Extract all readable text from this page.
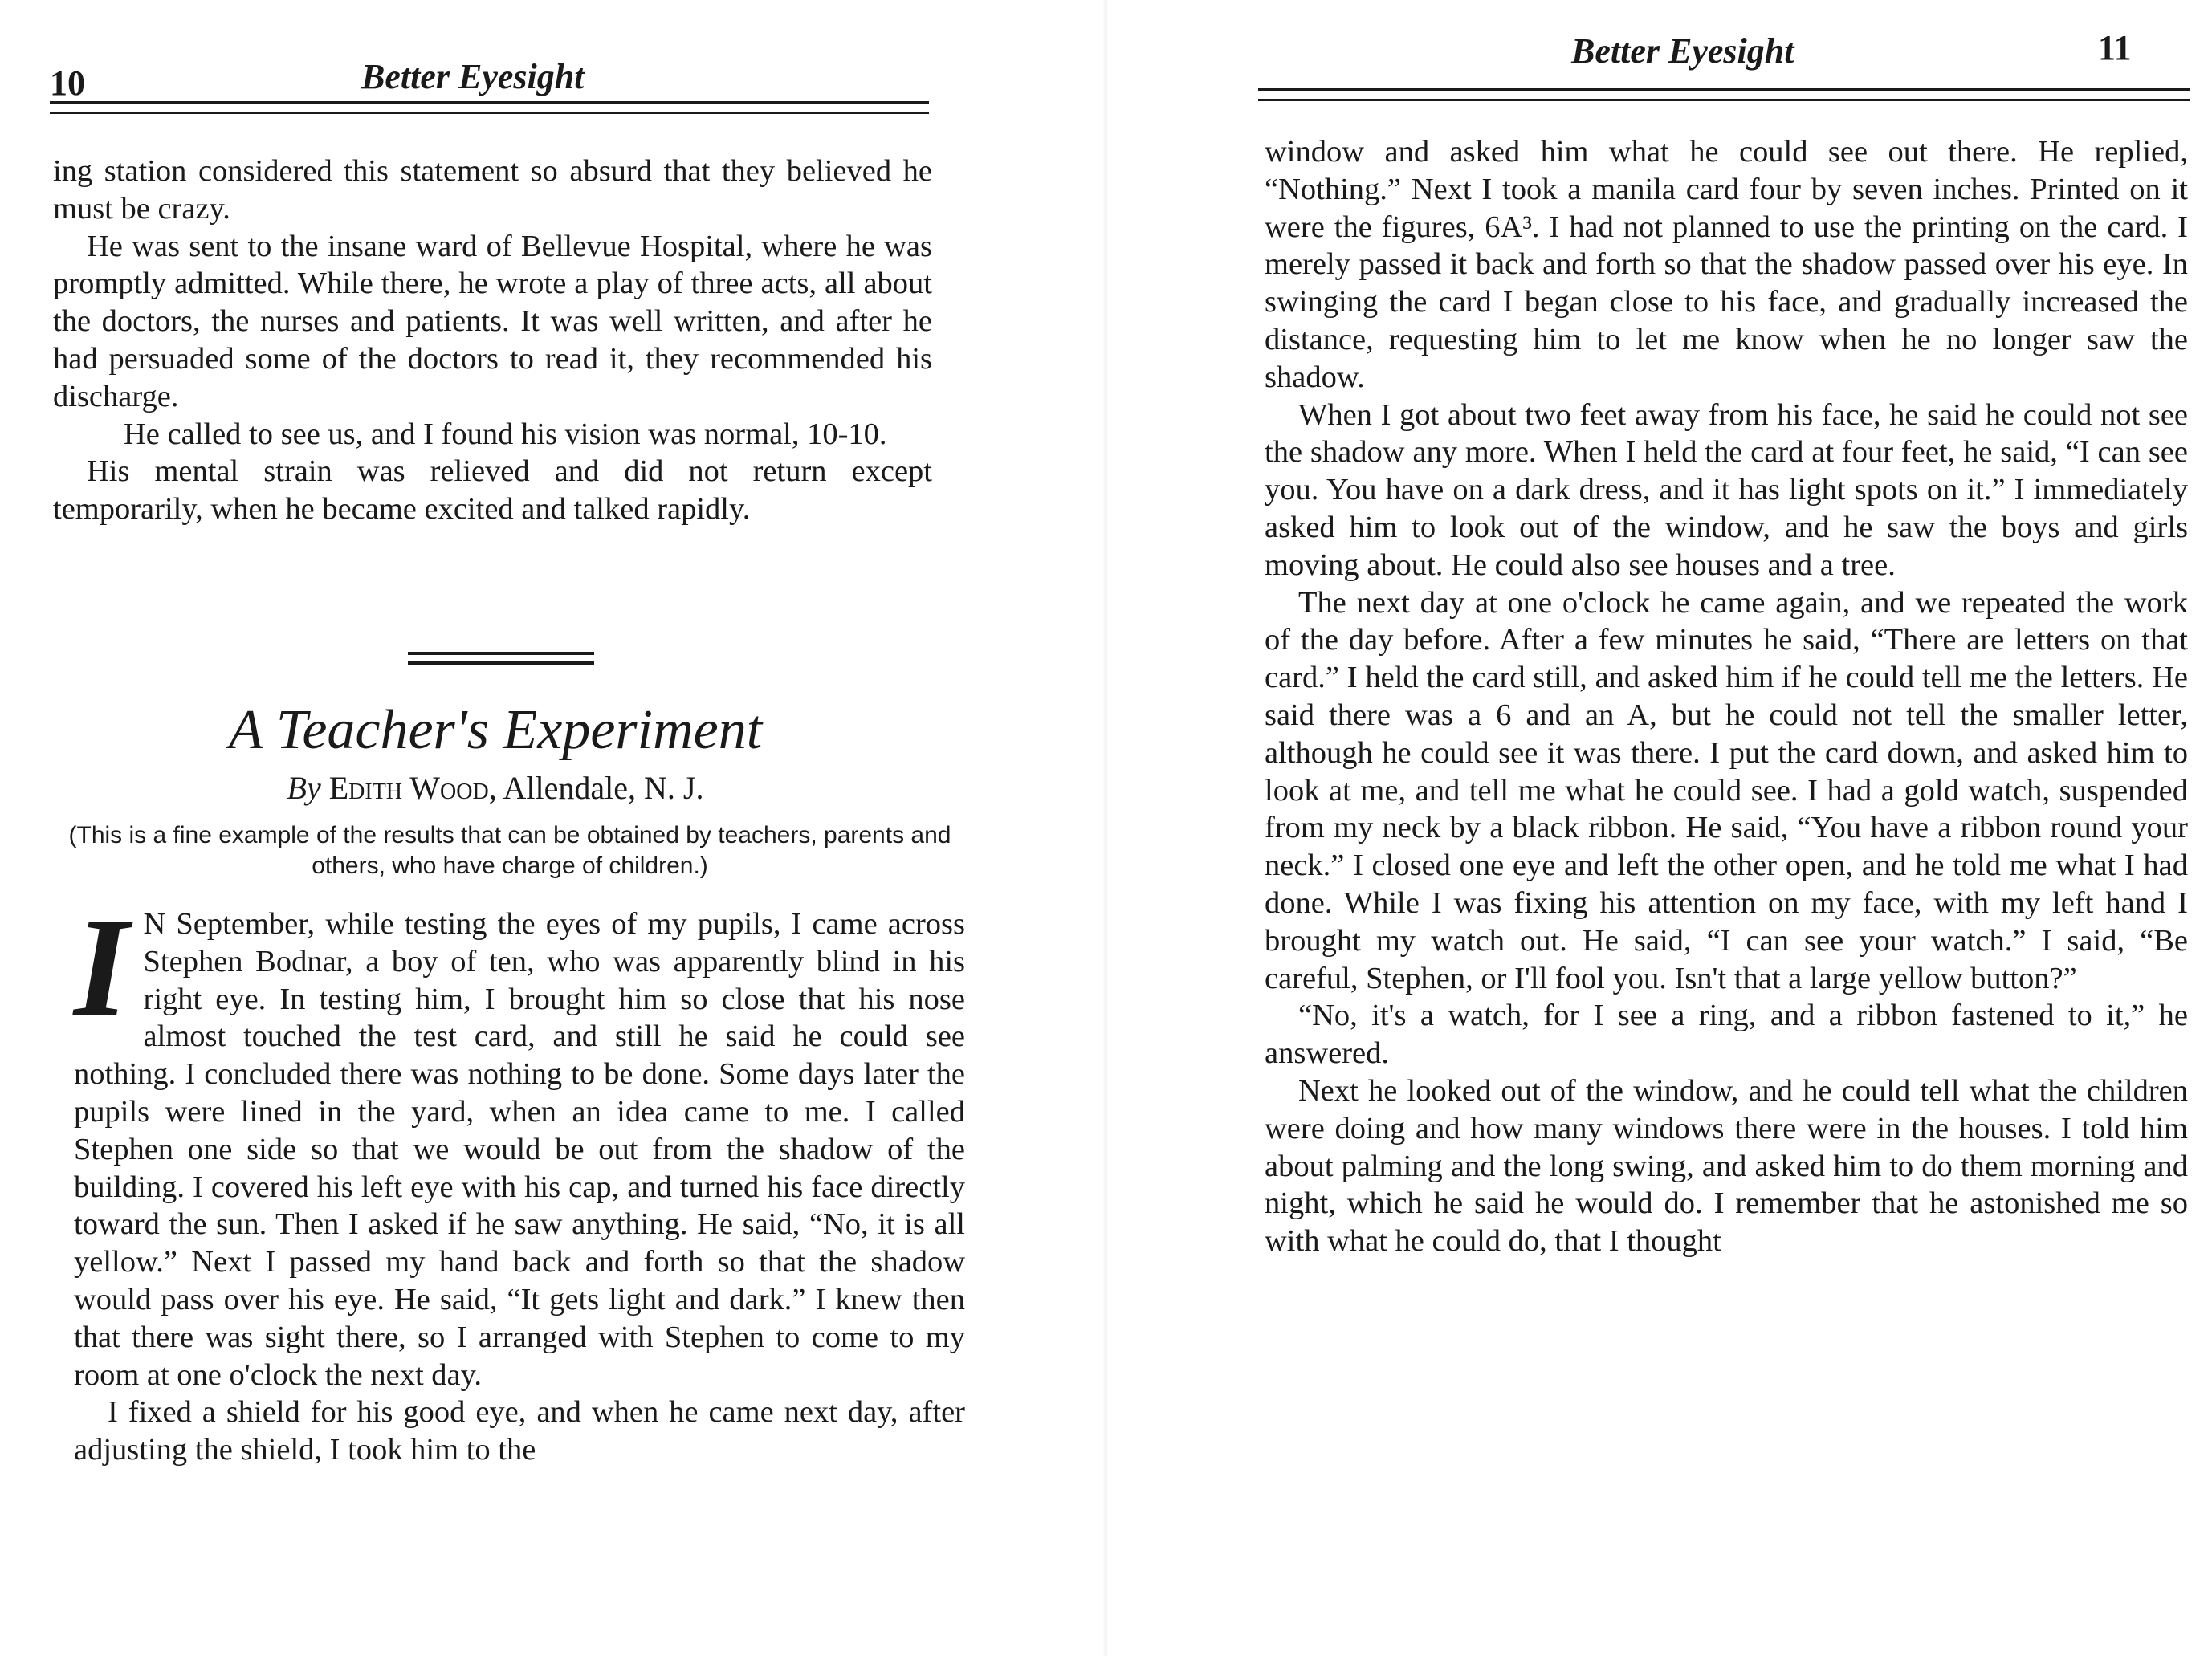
10	Better Eyesight

ing station considered this statement so absurd that they believed he must be crazy.

He was sent to the insane ward of Bellevue Hospital, where he was promptly admitted. While there, he wrote a play of three acts, all about the doctors, the nurses and patients. It was well written, and after he had persuaded some of the doctors to read it, they recommended his discharge.

He called to see us, and I found his vision was normal, 10-10.

His mental strain was relieved and did not return except temporarily, when he became excited and talked rapidly.

A Teacher's Experiment
By Edith Wood, Allendale, N. J.
(This is a fine example of the results that can be obtained by teachers, parents and others, who have charge of children.)

I N September, while testing the eyes of my pupils, I came across Stephen Bodnar, a boy of ten, who was apparently blind in his right eye. In testing him, I brought him so close that his nose almost touched the test card, and still he said he could see nothing. I concluded there was nothing to be done. Some days later the pupils were lined in the yard, when an idea came to me. I called Stephen one side so that we would be out from the shadow of the building. I covered his left eye with his cap, and turned his face directly toward the sun. Then I asked if he saw anything. He said, “No, it is all yellow.” Next I passed my hand back and forth so that the shadow would pass over his eye. He said, “It gets light and dark.” I knew then that there was sight there, so I arranged with Stephen to come to my room at one o'clock the next day.

I fixed a shield for his good eye, and when he came next day, after adjusting the shield, I took him to the

Better Eyesight	11

window and asked him what he could see out there. He replied, “Nothing.” Next I took a manila card four by seven inches. Printed on it were the figures, 6A³. I had not planned to use the printing on the card. I merely passed it back and forth so that the shadow passed over his eye. In swinging the card I began close to his face, and gradually increased the distance, requesting him to let me know when he no longer saw the shadow.

When I got about two feet away from his face, he said he could not see the shadow any more. When I held the card at four feet, he said, “I can see you. You have on a dark dress, and it has light spots on it.” I immediately asked him to look out of the window, and he saw the boys and girls moving about. He could also see houses and a tree.

The next day at one o'clock he came again, and we repeated the work of the day before. After a few minutes he said, “There are letters on that card.” I held the card still, and asked him if he could tell me the letters. He said there was a 6 and an A, but he could not tell the smaller letter, although he could see it was there. I put the card down, and asked him to look at me, and tell me what he could see. I had a gold watch, suspended from my neck by a black ribbon. He said, “You have a ribbon round your neck.” I closed one eye and left the other open, and he told me what I had done. While I was fixing his attention on my face, with my left hand I brought my watch out. He said, “I can see your watch.” I said, “Be careful, Stephen, or I'll fool you. Isn't that a large yellow button?”

“No, it's a watch, for I see a ring, and a ribbon fastened to it,” he answered.

Next he looked out of the window, and he could tell what the children were doing and how many windows there were in the houses. I told him about palming and the long swing, and asked him to do them morning and night, which he said he would do. I remember that he astonished me so with what he could do, that I thought
